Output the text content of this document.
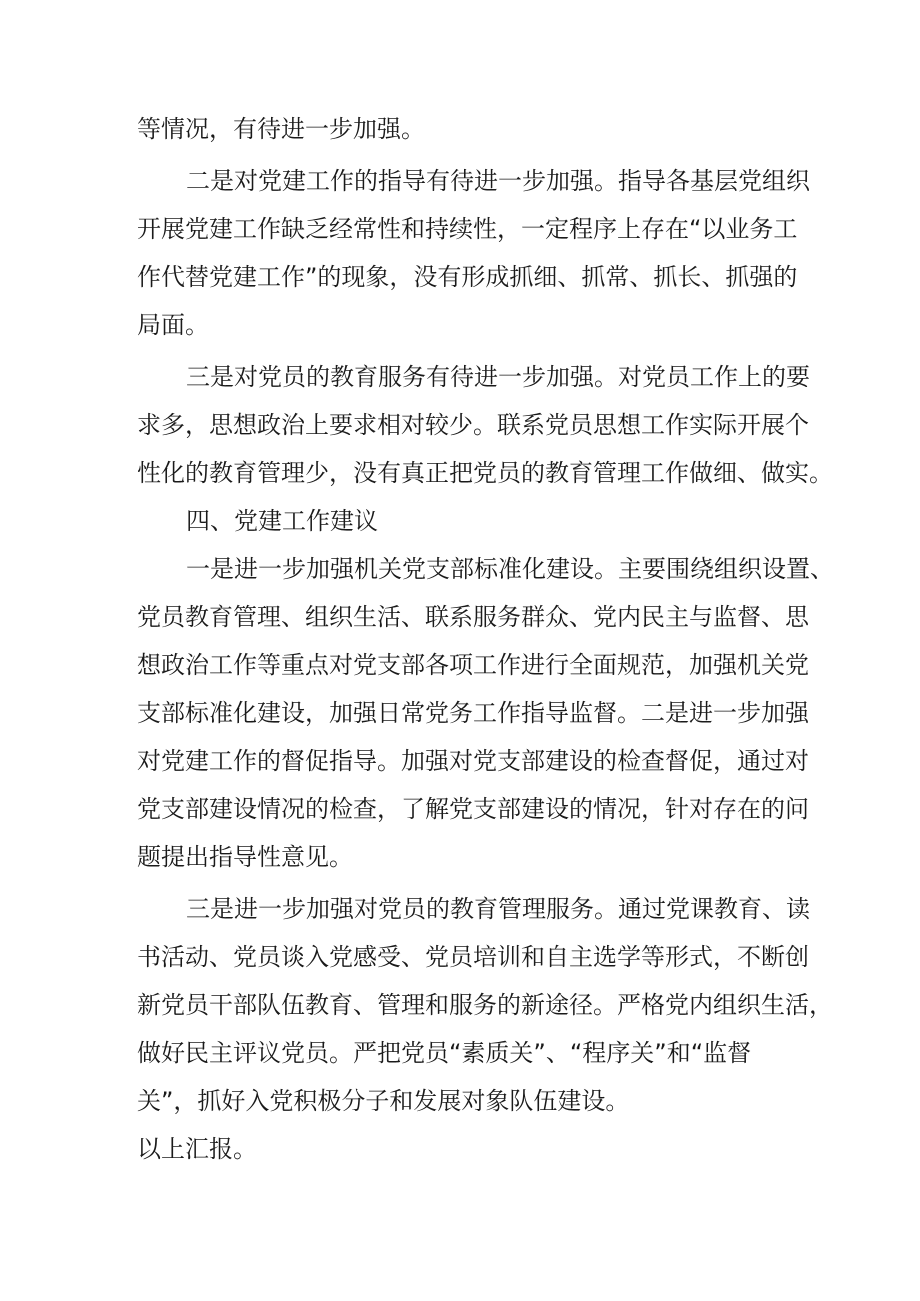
等情况，有待进一步加强。
二是对党建工作的指导有待进一步加强。指导各基层党组织
开展党建工作缺乏经常性和持续性，一定程序上存在“以业务工
作代替党建工作”的现象，没有形成抓细、抓常、抓长、抓强的
局面。
三是对党员的教育服务有待进一步加强。对党员工作上的要
求多，思想政治上要求相对较少。联系党员思想工作实际开展个
性化的教育管理少，没有真正把党员的教育管理工作做细、做实。
四、党建工作建议
一是进一步加强机关党支部标准化建设。主要围绕组织设置、
党员教育管理、组织生活、联系服务群众、党内民主与监督、思
想政治工作等重点对党支部各项工作进行全面规范，加强机关党
支部标准化建设，加强日常党务工作指导监督。二是进一步加强
对党建工作的督促指导。加强对党支部建设的检查督促，通过对
党支部建设情况的检查，了解党支部建设的情况，针对存在的问
题提出指导性意见。
三是进一步加强对党员的教育管理服务。通过党课教育、读
书活动、党员谈入党感受、党员培训和自主选学等形式，不断创
新党员干部队伍教育、管理和服务的新途径。严格党内组织生活，
做好民主评议党员。严把党员“素质关”、“程序关”和“监督
关”，抓好入党积极分子和发展对象队伍建设。
以上汇报。
